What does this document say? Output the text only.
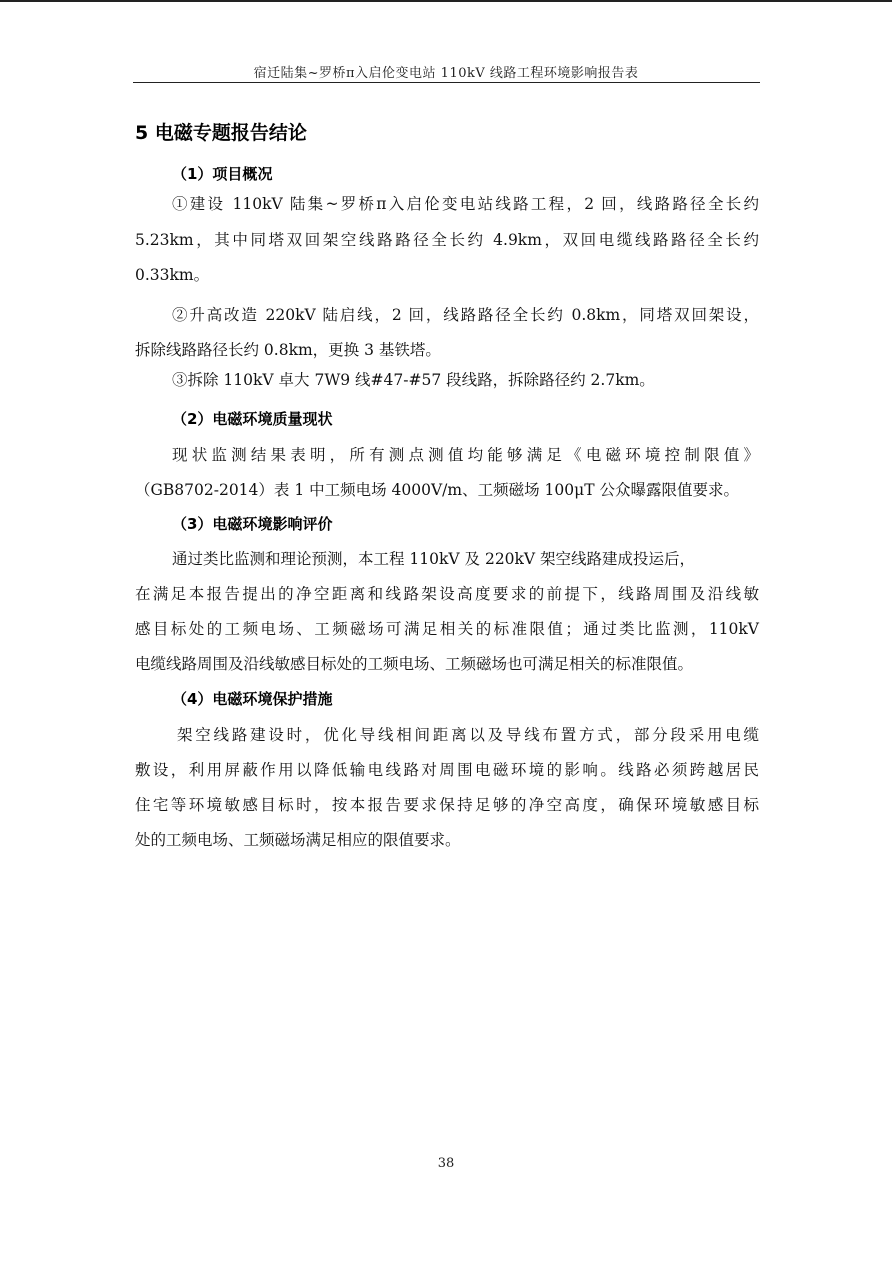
宿迁陆集~罗桥π入启伦变电站 110kV 线路工程环境影响报告表
5 电磁专题报告结论
（1）项目概况
①建设 110kV 陆集~罗桥π入启伦变电站线路工程，2 回，线路路径全长约
5.23km，其中同塔双回架空线路路径全长约 4.9km，双回电缆线路路径全长约
0.33km。
②升高改造 220kV 陆启线，2 回，线路路径全长约 0.8km，同塔双回架设，
拆除线路路径长约 0.8km，更换 3 基铁塔。
③拆除 110kV 卓大 7W9 线#47-#57 段线路，拆除路径约 2.7km。
（2）电磁环境质量现状
现状监测结果表明，所有测点测值均能够满足《电磁环境控制限值》
（GB8702-2014）表 1 中工频电场 4000V/m、工频磁场 100μT 公众曝露限值要求。
（3）电磁环境影响评价
通过类比监测和理论预测，本工程 110kV 及 220kV 架空线路建成投运后，
在满足本报告提出的净空距离和线路架设高度要求的前提下，线路周围及沿线敏
感目标处的工频电场、工频磁场可满足相关的标准限值；通过类比监测，110kV
电缆线路周围及沿线敏感目标处的工频电场、工频磁场也可满足相关的标准限值。
（4）电磁环境保护措施
架空线路建设时，优化导线相间距离以及导线布置方式，部分段采用电缆
敷设，利用屏蔽作用以降低输电线路对周围电磁环境的影响。线路必须跨越居民
住宅等环境敏感目标时，按本报告要求保持足够的净空高度，确保环境敏感目标
处的工频电场、工频磁场满足相应的限值要求。
38
